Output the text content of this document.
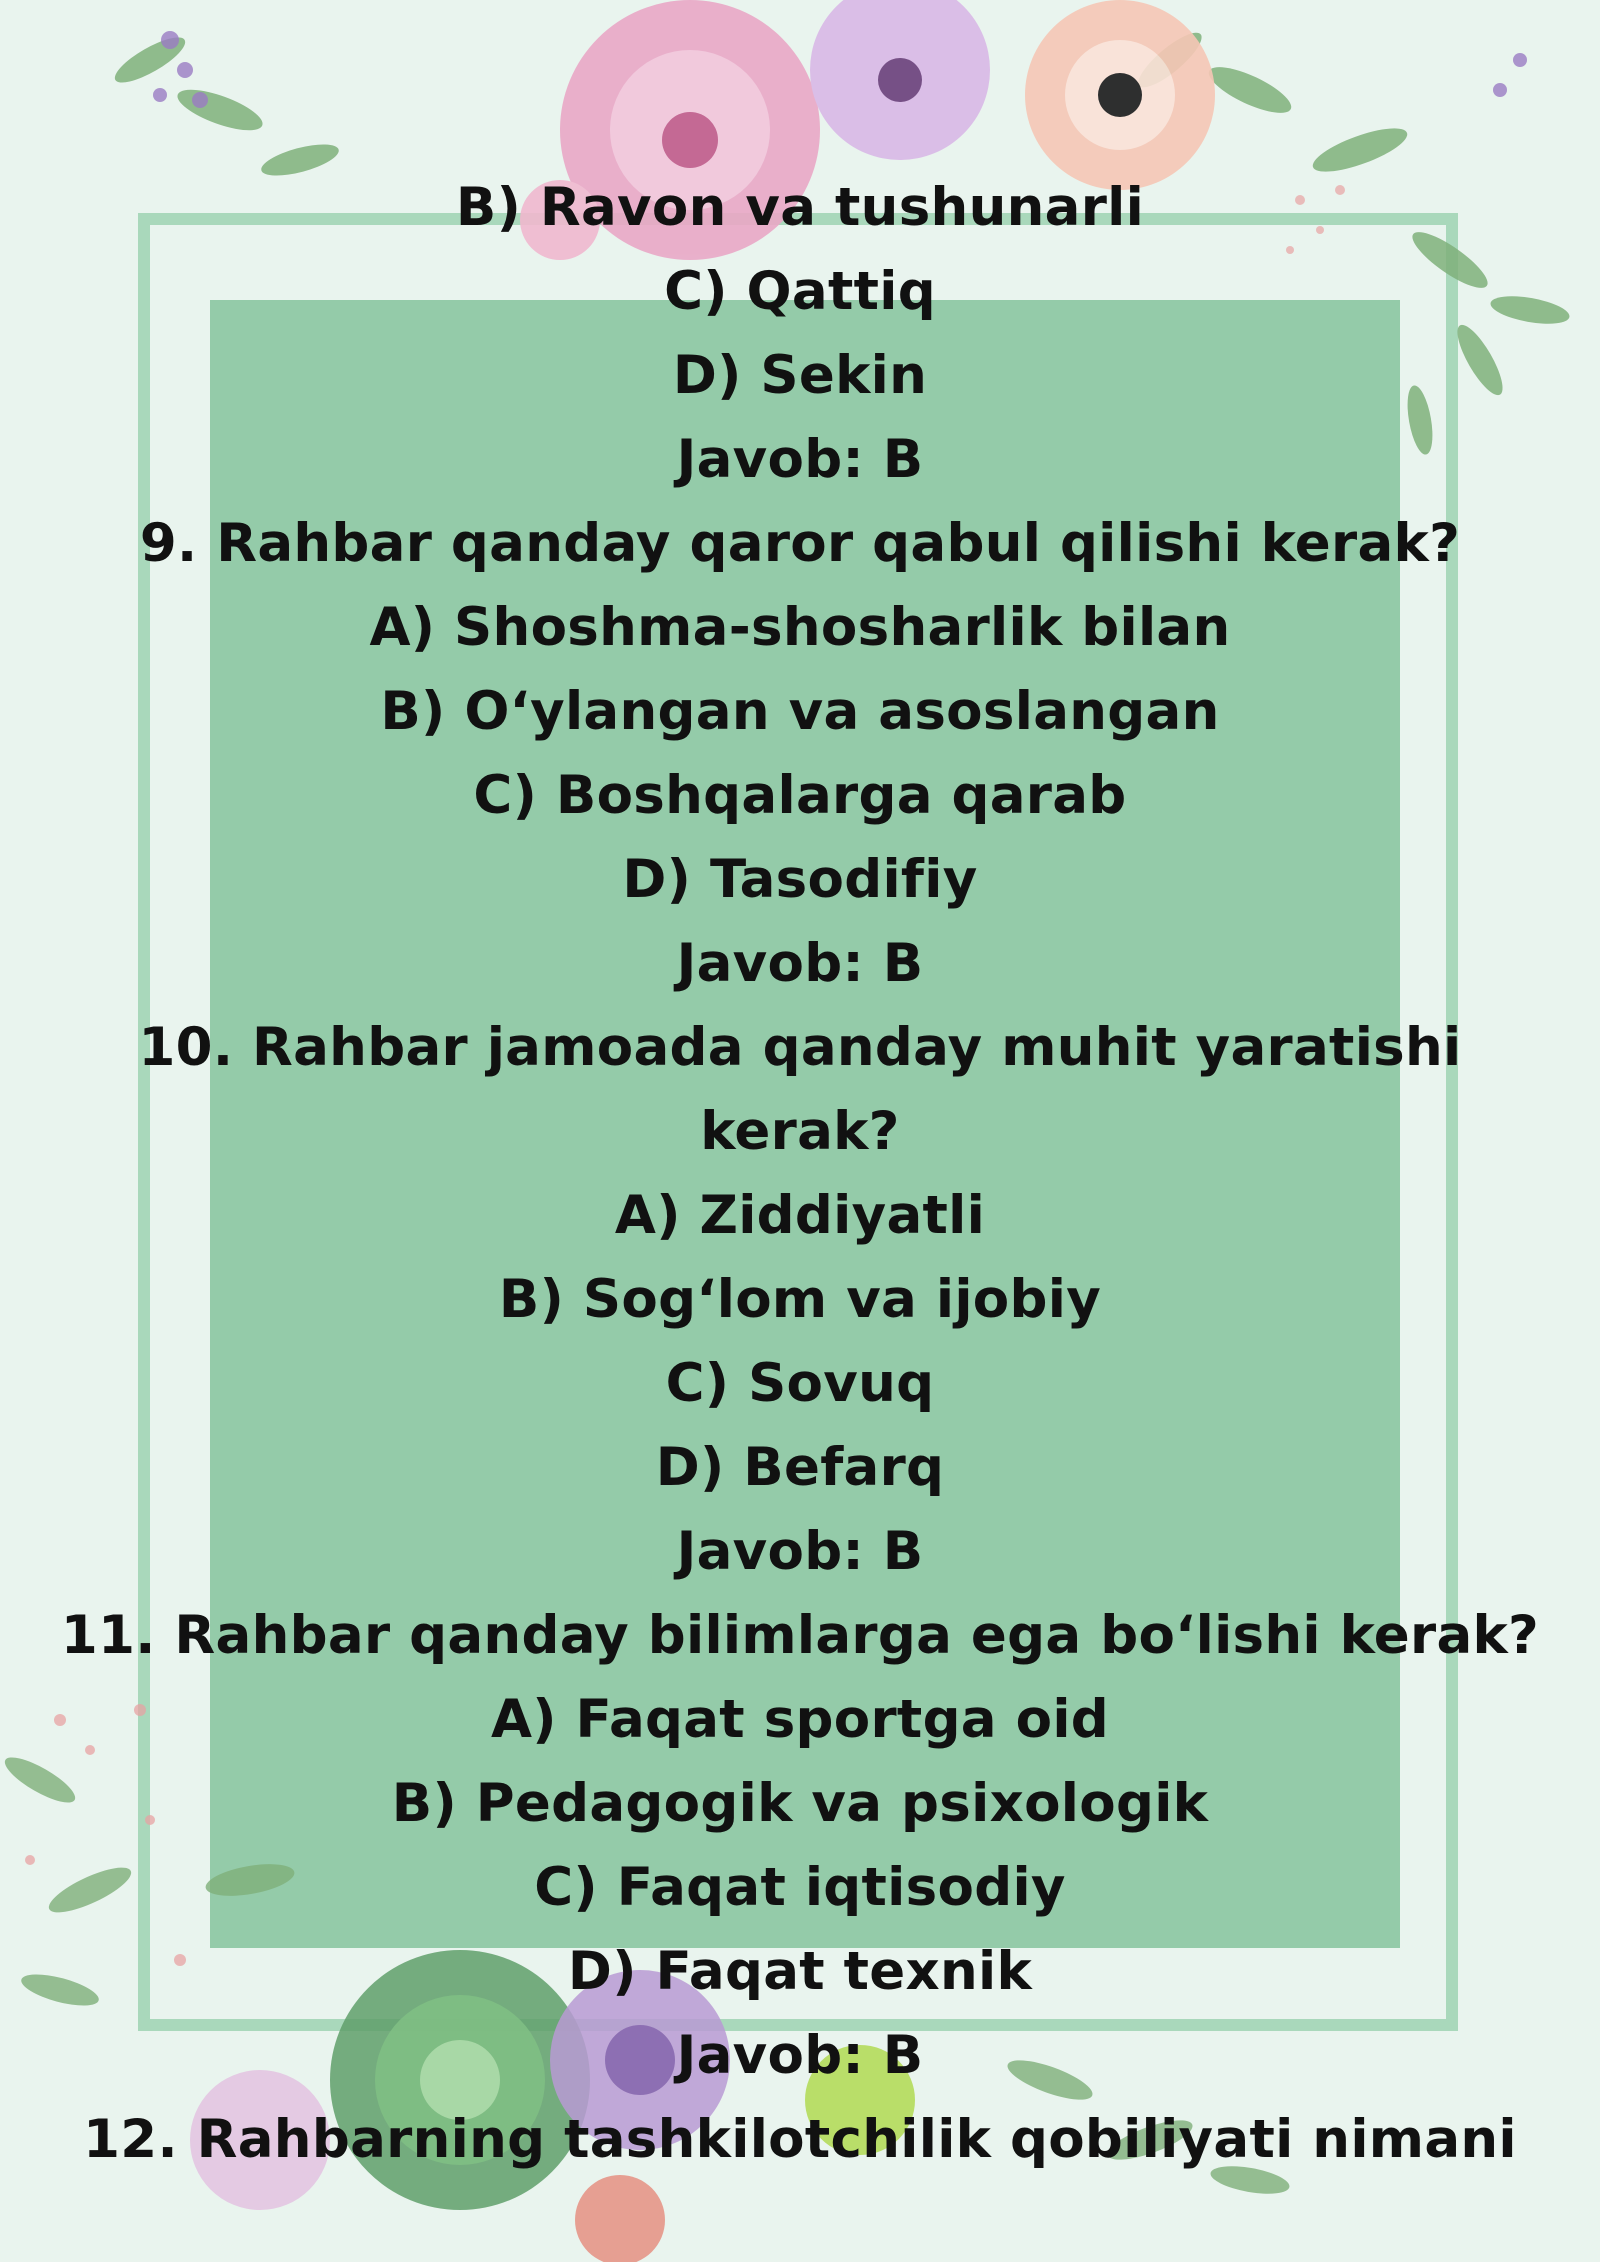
B) Ravon va tushunarli
C) Qattiq
D) Sekin
Javob: B
9. Rahbar qanday qaror qabul qilishi kerak?
A) Shoshma-shosharlik bilan
B) O‘ylangan va asoslangan
C) Boshqalarga qarab
D) Tasodifiy
Javob: B
10. Rahbar jamoada qanday muhit yaratishi
kerak?
A) Ziddiyatli
B) Sog‘lom va ijobiy
C) Sovuq
D) Befarq
Javob: B
11. Rahbar qanday bilimlarga ega bo‘lishi kerak?
A) Faqat sportga oid
B) Pedagogik va psixologik
C) Faqat iqtisodiy
D) Faqat texnik
Javob: B
12. Rahbarning tashkilotchilik qobiliyati nimani
